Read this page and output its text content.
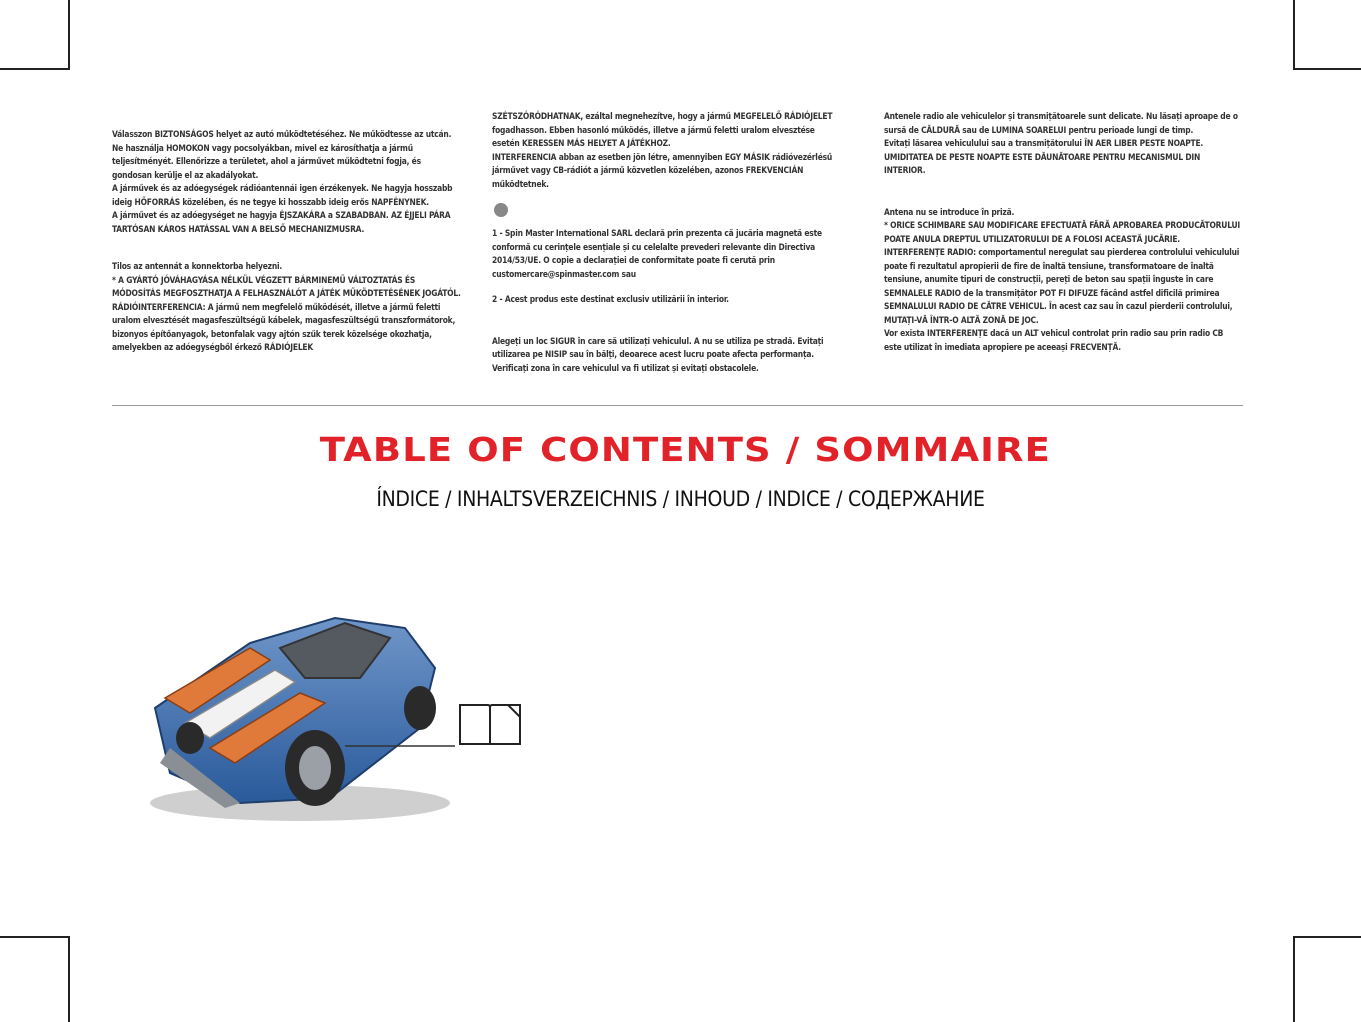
Válasszon BIZTONSÁGOS helyet az autó működtetéséhez. Ne működtesse az utcán. Ne használja HOMOKON vagy pocsolyákban, mivel ez károsíthatja a jármű teljesítményét. Ellenőrizze a területet, ahol a járművet működtetni fogja, és gondosan kerülje el az akadályokat.
A járművek és az adóegységek rádióantennái igen érzékenyek. Ne hagyja hosszabb ideig HŐFORRÁS közelében, és ne tegye ki hosszabb ideig erős NAPFÉNYNEK.
A járművet és az adóegységet ne hagyja ÉJSZAKÁRA a SZABADBAN. AZ ÉJJELI PÁRA TARTÓSAN KÁROS HATÁSSAL VAN A BELSŐ MECHANIZMUSRA.

Tilos az antennát a konnektorba helyezni.
* A GYÁRTÓ JÓVÁHAGYÁSA NÉLKÜL VÉGZETT BÁRMINEMŰ VÁLTOZTATÁS ÉS MÓDOSÍTÁS MEGFOSZTHATJA A FELHASZNÁLÓT A JÁTÉK MŰKÖDTETÉSÉNEK JOGÁTÓL.
RÁDIÓINTERFERENCIA: A jármű nem megfelelő működését, illetve a jármű feletti uralom elvesztését magasfeszültségű kábelek, magasfeszültségű transzformátorok, bizonyos építőanyagok, betonfalak vagy ajtón szűk terek közelsége okozhatja, amelyekben az adóegységből érkező RÁDIÓJELEK

SZÉTSZÓRÓDHATNAK, ezáltal megnehezítve, hogy a jármű MEGFELELŐ RÁDIÓJELET fogadhasson. Ebben hasonló működés, illetve a jármű feletti uralom elvesztése esetén KERESSEN MÁS HELYET A JÁTÉKHOZ.
INTERFERENCIA abban az esetben jön létre, amennyiben EGY MÁSIK rádióvezérlésű járművet vagy CB-rádiót a jármű közvetlen közelében, azonos FREKVENCIÁN működtetnek.

1 - Spin Master International SARL declară prin prezenta că jucăria magnetă este conformă cu cerințele esențiale și cu celelalte prevederi relevante din Directiva 2014/53/UE. O copie a declarației de conformitate poate fi cerută prin customercare@spinmaster.com sau

2 - Acest produs este destinat exclusiv utilizării în interior.

Alegeți un loc SIGUR în care să utilizați vehiculul. A nu se utiliza pe stradă. Evitați utilizarea pe NISIP sau în bălți, deoarece acest lucru poate afecta performanța. Verificați zona în care vehiculul va fi utilizat și evitați obstacolele.

Antenele radio ale vehiculelor și transmițătoarele sunt delicate. Nu lăsați aproape de o sursă de CĂLDURĂ sau de LUMINA SOARELUI pentru perioade lungi de timp.
Evitați lăsarea vehiculului sau a transmițătorului ÎN AER LIBER PESTE NOAPTE. UMIDITATEA DE PESTE NOAPTE ESTE DĂUNĂTOARE PENTRU MECANISMUL DIN INTERIOR.

Antena nu se introduce în priză.
* ORICE SCHIMBARE SAU MODIFICARE EFECTUATĂ FĂRĂ APROBAREA PRODUCĂTORULUI POATE ANULA DREPTUL UTILIZATORULUI DE A FOLOSI ACEASTĂ JUCĂRIE.
INTERFERENȚE RADIO: comportamentul neregulat sau pierderea controlului vehiculului poate fi rezultatul apropierii de fire de înaltă tensiune, transformatoare de înaltă tensiune, anumite tipuri de construcții, pereți de beton sau spații înguste în care SEMNALELE RADIO de la transmițător POT FI DIFUZE făcând astfel dificilă primirea SEMNALULUI RADIO DE CĂTRE VEHICUL. În acest caz sau în cazul pierderii controlului, MUTAȚI-VĂ ÎNTR-O ALTĂ ZONĂ DE JOC.
Vor exista INTERFERENȚE dacă un ALT vehicul controlat prin radio sau prin radio CB este utilizat în imediata apropiere pe aceeași FRECVENȚĂ.

TABLE OF CONTENTS / SOMMAIRE
ÍNDICE / INHALTSVERZEICHNIS / INHOUD / INDICE / СОДЕРЖАНИЕ
